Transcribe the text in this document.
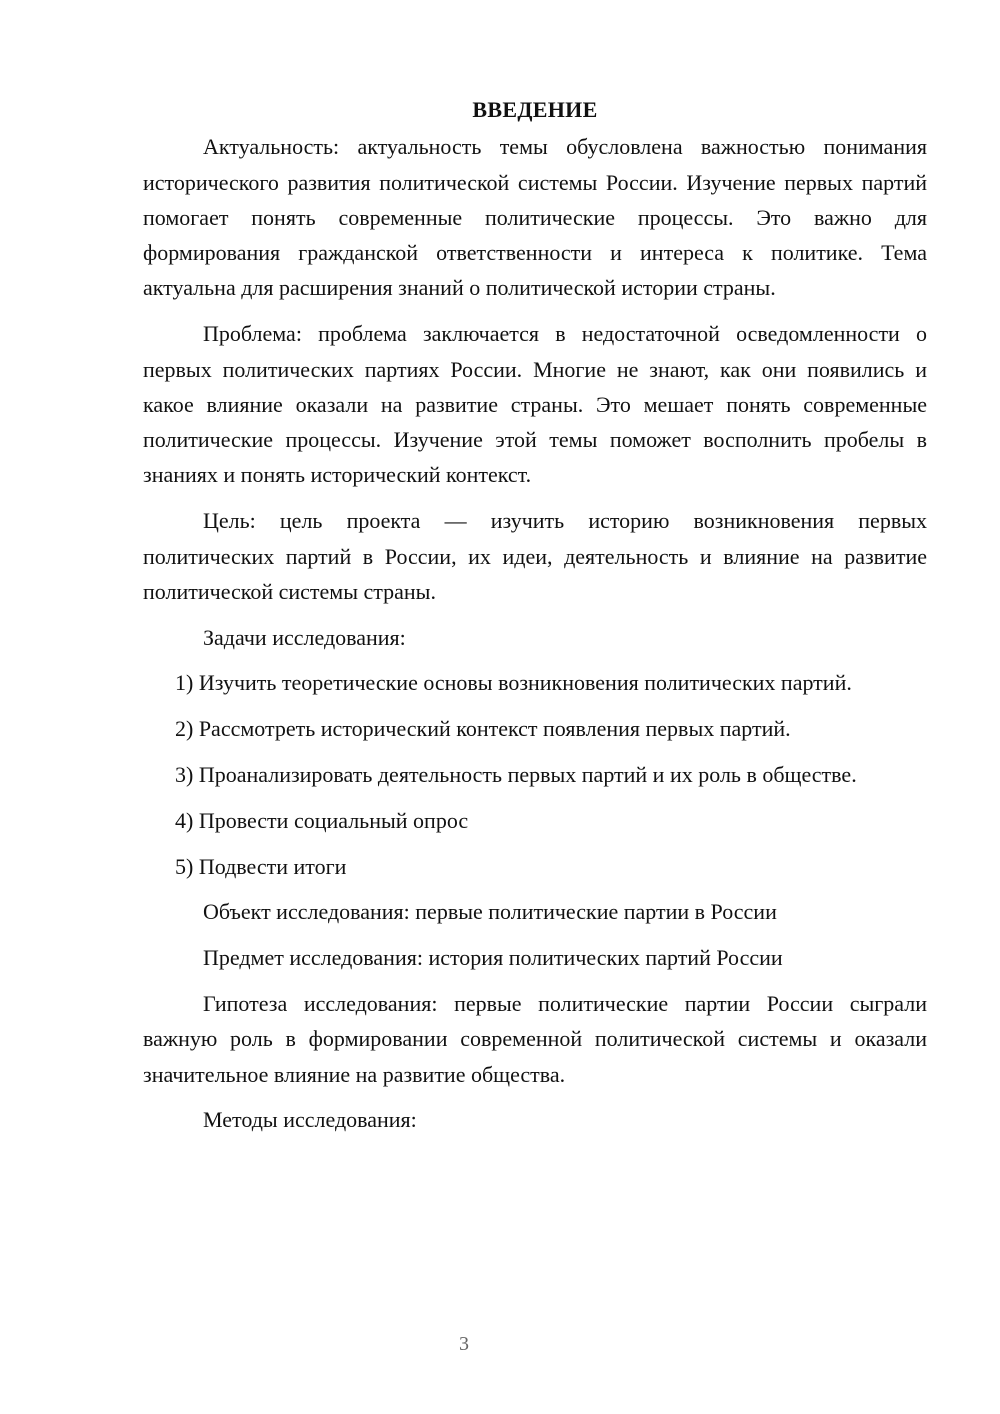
ВВЕДЕНИЕ

Актуальность: актуальность темы обусловлена важностью понимания исторического развития политической системы России. Изучение первых партий помогает понять современные политические процессы. Это важно для формирования гражданской ответственности и интереса к политике. Тема актуальна для расширения знаний о политической истории страны.

Проблема: проблема заключается в недостаточной осведомленности о первых политических партиях России. Многие не знают, как они появились и какое влияние оказали на развитие страны. Это мешает понять современные политические процессы. Изучение этой темы поможет восполнить пробелы в знаниях и понять исторический контекст.

Цель: цель проекта — изучить историю возникновения первых политических партий в России, их идеи, деятельность и влияние на развитие политической системы страны.

Задачи исследования:

1) Изучить теоретические основы возникновения политических партий.

2) Рассмотреть исторический контекст появления первых партий.

3) Проанализировать деятельность первых партий и их роль в обществе.

4) Провести социальный опрос

5) Подвести итоги

Объект исследования: первые политические партии в России

Предмет исследования: история политических партий России

Гипотеза исследования: первые политические партии России сыграли важную роль в формировании современной политической системы и оказали значительное влияние на развитие общества.

Методы исследования:

3
